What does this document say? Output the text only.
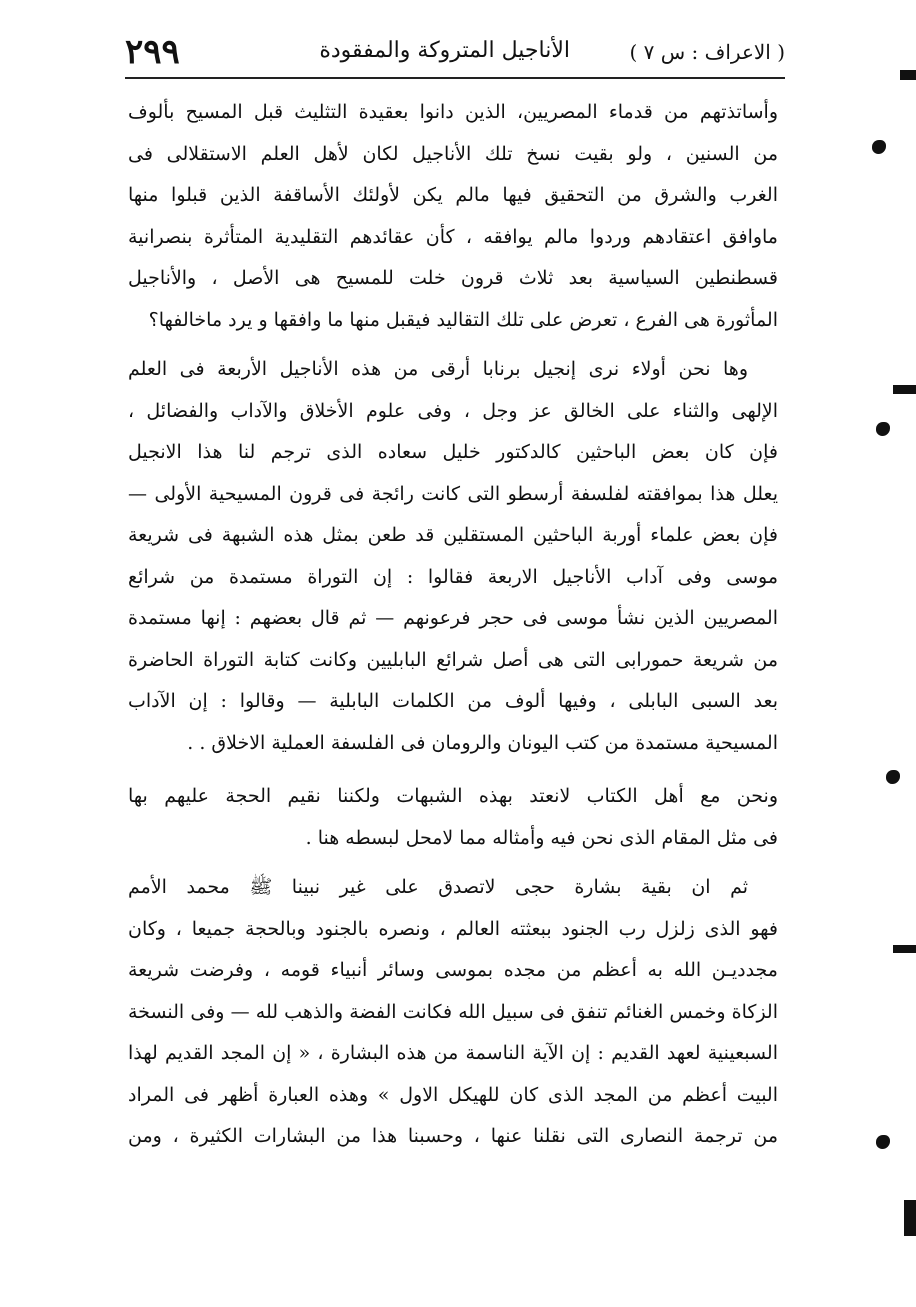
( الاعراف : س ٧ )
الأناجيل المتروكة والمفقودة
٢٩٩

وأساتذتهم من قدماء المصريين، الذين دانوا بعقيدة التثليث قبل المسيح بألوف
من السنين ، ولو بقيت نسخ تلك الأناجيل لكان لأهل العلم الاستقلالى فى
الغرب والشرق من التحقيق فيها مالم يكن لأولئك الأساقفة الذين قبلوا منها
ماوافق اعتقادهم وردوا مالم يوافقه ، كأن عقائدهم التقليدية المتأثرة بنصرانية
قسطنطين السياسية بعد ثلاث قرون خلت للمسيح هى الأصل ، والأناجيل
المأثورة هى الفرع ، تعرض على تلك التقاليد فيقبل منها ما وافقها و يرد ماخالفها؟

وها نحن أولاء نرى إنجيل برنابا أرقى من هذه الأناجيل الأربعة فى العلم
الإلهى والثناء على الخالق عز وجل ، وفى علوم الأخلاق والآداب والفضائل ،
فإن كان بعض الباحثين كالدكتور خليل سعاده الذى ترجم لنا هذا الانجيل
يعلل هذا بموافقته لفلسفة أرسطو التى كانت رائجة فى قرون المسيحية الأولى —
فإن بعض علماء أوربة الباحثين المستقلين قد طعن بمثل هذه الشبهة فى شريعة
موسى وفى آداب الأناجيل الاربعة فقالوا : إن التوراة مستمدة من شرائع
المصريين الذين نشأ موسى فى حجر فرعونهم — ثم قال بعضهم : إنها مستمدة
من شريعة حمورابى التى هى أصل شرائع البابليين وكانت كتابة التوراة الحاضرة
بعد السبى البابلى ، وفيها ألوف من الكلمات البابلية — وقالوا : إن الآداب
المسيحية مستمدة من كتب اليونان والرومان فى الفلسفة العملية الاخلاق . .

ونحن مع أهل الكتاب لانعتد بهذه الشبهات ولكننا نقيم الحجة عليهم بها
فى مثل المقام الذى نحن فيه وأمثاله مما لامحل لبسطه هنا .

ثم ان بقية بشارة حجى لاتصدق على غير نبينا ﷺ محمد الأمم
فهو الذى زلزل رب الجنود ببعثته العالم ، ونصره بالجنود وبالحجة جميعا ، وكان
مجدديـن الله به أعظم من مجده بموسى وسائر أنبياء قومه ، وفرضت شريعة
الزكاة وخمس الغنائم تنفق فى سبيل الله فكانت الفضة والذهب لله — وفى النسخة
السبعينية لعهد القديم : إن الآية الناسمة من هذه البشارة ، « إن المجد القديم لهذا
البيت أعظم من المجد الذى كان للهيكل الاول » وهذه العبارة أظهر فى المراد
من ترجمة النصارى التى نقلنا عنها ، وحسبنا هذا من البشارات الكثيرة ، ومن
